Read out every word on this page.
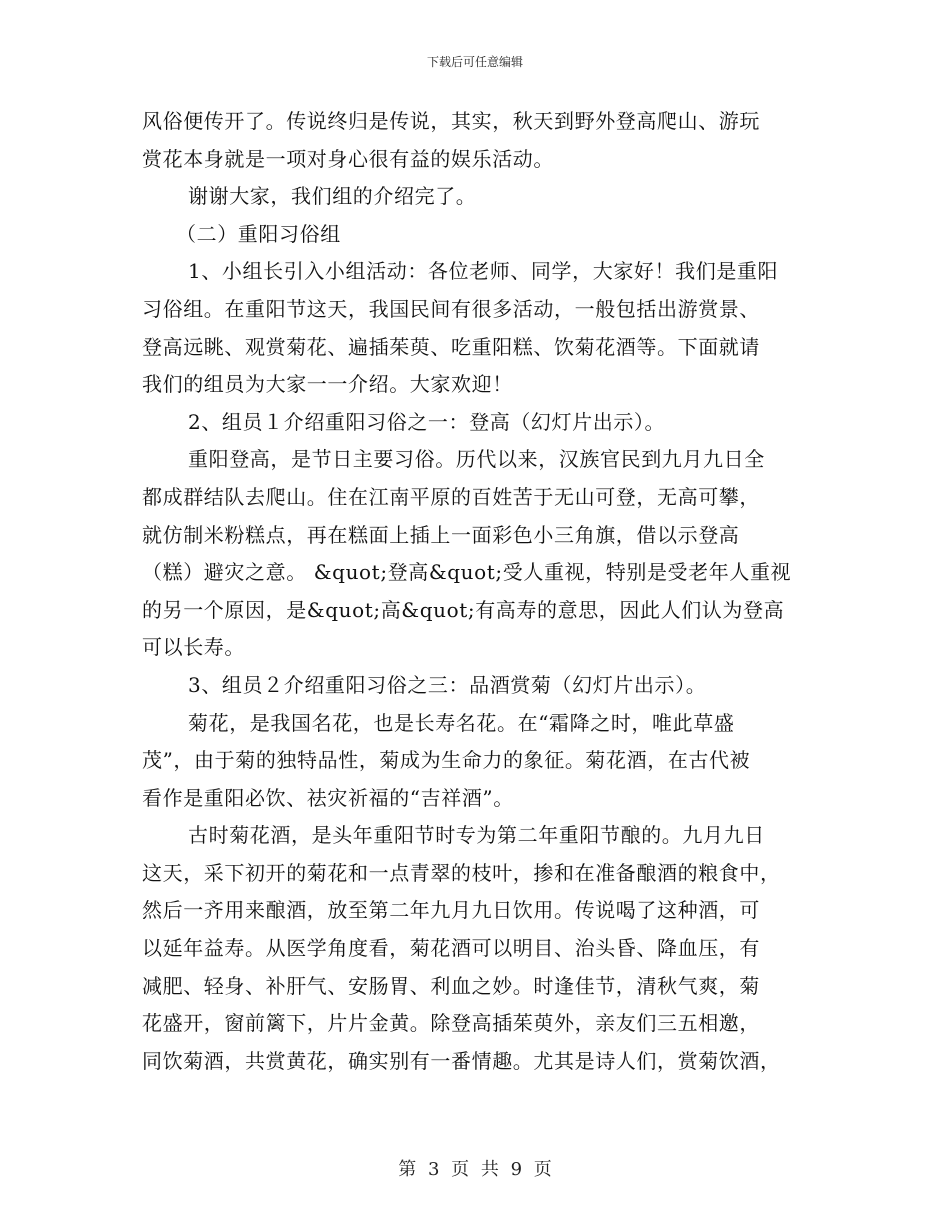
下载后可任意编辑
风俗便传开了。传说终归是传说，其实，秋天到野外登高爬山、游玩
赏花本身就是一项对身心很有益的娱乐活动。
谢谢大家，我们组的介绍完了。
（二）重阳习俗组
1、小组长引入小组活动：各位老师、同学，大家好！我们是重阳
习俗组。在重阳节这天，我国民间有很多活动，一般包括出游赏景、
登高远眺、观赏菊花、遍插茱萸、吃重阳糕、饮菊花酒等。下面就请
我们的组员为大家一一介绍。大家欢迎！
2、组员１介绍重阳习俗之一：登高（幻灯片出示）。
重阳登高，是节日主要习俗。历代以来，汉族官民到九月九日全
都成群结队去爬山。住在江南平原的百姓苦于无山可登，无高可攀，
就仿制米粉糕点，再在糕面上插上一面彩色小三角旗，借以示登高
（糕）避灾之意。 &quot;登高&quot;受人重视，特别是受老年人重视
的另一个原因，是&quot;高&quot;有高寿的意思，因此人们认为登高
可以长寿。
3、组员２介绍重阳习俗之三：品酒赏菊（幻灯片出示）。
菊花，是我国名花，也是长寿名花。在“霜降之时，唯此草盛
茂”，由于菊的独特品性，菊成为生命力的象征。菊花酒，在古代被
看作是重阳必饮、祛灾祈福的“吉祥酒”。
古时菊花酒，是头年重阳节时专为第二年重阳节酿的。九月九日
这天，采下初开的菊花和一点青翠的枝叶，掺和在准备酿酒的粮食中，
然后一齐用来酿酒，放至第二年九月九日饮用。传说喝了这种酒，可
以延年益寿。从医学角度看，菊花酒可以明目、治头昏、降血压，有
减肥、轻身、补肝气、安肠胃、利血之妙。时逢佳节，清秋气爽，菊
花盛开，窗前篱下，片片金黄。除登高插茱萸外，亲友们三五相邀，
同饮菊酒，共赏黄花，确实别有一番情趣。尤其是诗人们，赏菊饮酒，
第 3 页 共 9 页
